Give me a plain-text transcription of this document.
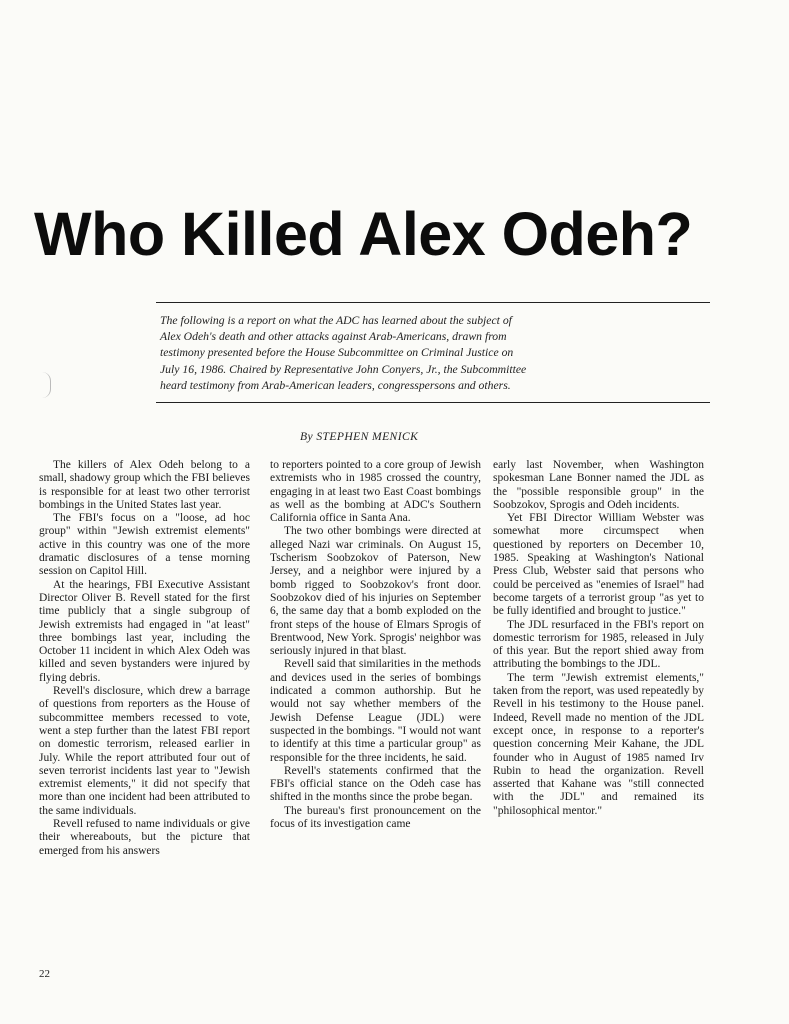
Who Killed Alex Odeh?

The following is a report on what the ADC has learned about the subject of
Alex Odeh's death and other attacks against Arab-Americans, drawn from
testimony presented before the House Subcommittee on Criminal Justice on
July 16, 1986. Chaired by Representative John Conyers, Jr., the Subcommittee
heard testimony from Arab-American leaders, congresspersons and others.

By STEPHEN MENICK

The killers of Alex Odeh belong to a small, shadowy group which the FBI believes is responsible for at least two other terrorist bombings in the United States last year.

The FBI's focus on a "loose, ad hoc group" within "Jewish extremist elements" active in this country was one of the more dramatic disclosures of a tense morning session on Capitol Hill.

At the hearings, FBI Executive Assistant Director Oliver B. Revell stated for the first time publicly that a single subgroup of Jewish extremists had engaged in "at least" three bombings last year, including the October 11 incident in which Alex Odeh was killed and seven bystanders were injured by flying debris.

Revell's disclosure, which drew a barrage of questions from reporters as the House of subcommittee members recessed to vote, went a step further than the latest FBI report on domestic terrorism, released earlier in July. While the report attributed four out of seven terrorist incidents last year to "Jewish extremist elements," it did not specify that more than one incident had been attributed to the same individuals.

Revell refused to name individuals or give their whereabouts, but the picture that emerged from his answers

to reporters pointed to a core group of Jewish extremists who in 1985 crossed the country, engaging in at least two East Coast bombings as well as the bombing at ADC's Southern California office in Santa Ana.

The two other bombings were directed at alleged Nazi war criminals. On August 15, Tscherism Soobzokov of Paterson, New Jersey, and a neighbor were injured by a bomb rigged to Soobzokov's front door. Soobzokov died of his injuries on September 6, the same day that a bomb exploded on the front steps of the house of Elmars Sprogis of Brentwood, New York. Sprogis' neighbor was seriously injured in that blast.

Revell said that similarities in the methods and devices used in the series of bombings indicated a common authorship. But he would not say whether members of the Jewish Defense League (JDL) were suspected in the bombings. "I would not want to identify at this time a particular group" as responsible for the three incidents, he said.

Revell's statements confirmed that the FBI's official stance on the Odeh case has shifted in the months since the probe began.

The bureau's first pronouncement on the focus of its investigation came

early last November, when Washington spokesman Lane Bonner named the JDL as the "possible responsible group" in the Soobzokov, Sprogis and Odeh incidents.

Yet FBI Director William Webster was somewhat more circumspect when questioned by reporters on December 10, 1985. Speaking at Washington's National Press Club, Webster said that persons who could be perceived as "enemies of Israel" had become targets of a terrorist group "as yet to be fully identified and brought to justice."

The JDL resurfaced in the FBI's report on domestic terrorism for 1985, released in July of this year. But the report shied away from attributing the bombings to the JDL.

The term "Jewish extremist elements," taken from the report, was used repeatedly by Revell in his testimony to the House panel. Indeed, Revell made no mention of the JDL except once, in response to a reporter's question concerning Meir Kahane, the JDL founder who in August of 1985 named Irv Rubin to head the organization. Revell asserted that Kahane was "still connected with the JDL" and remained its "philosophical mentor."

22
